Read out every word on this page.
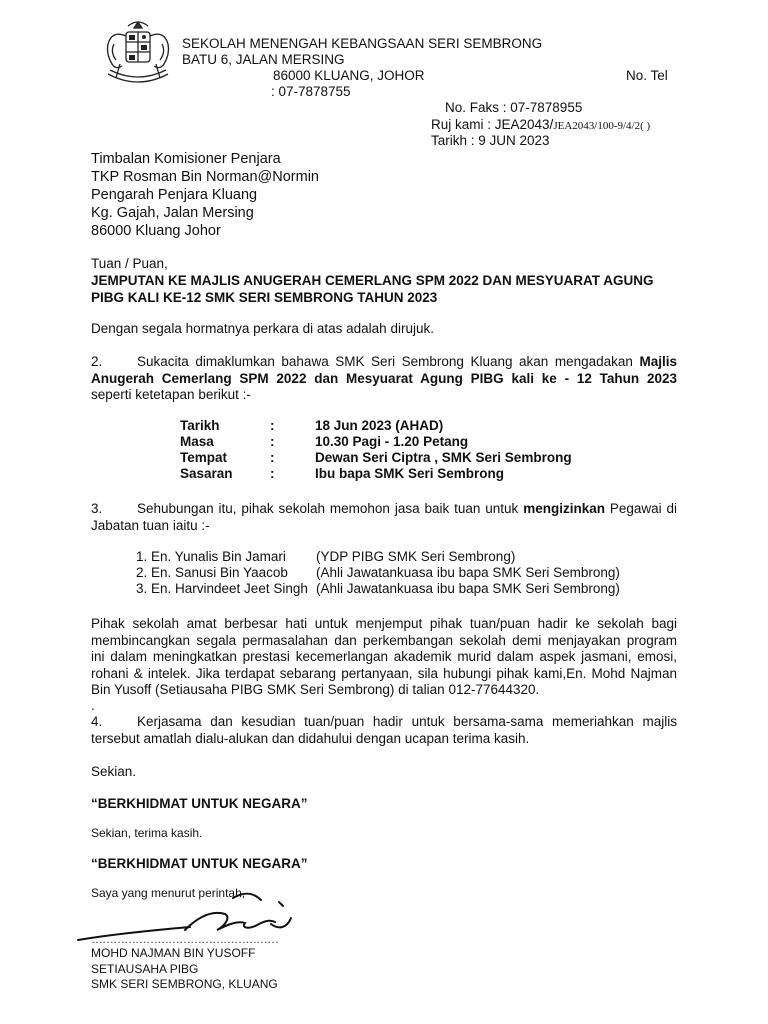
SEKOLAH MENENGAH KEBANGSAAN SERI SEMBRONG
BATU 6, JALAN MERSING
86000 KLUANG, JOHOR	No. Tel
: 07-7878755
No. Faks : 07-7878955
Ruj kami : JEA2043/JEA2043/100-9/4/2( )
Tarikh : 9 JUN 2023
Timbalan Komisioner Penjara
TKP Rosman Bin Norman@Normin
Pengarah Penjara Kluang
Kg. Gajah, Jalan Mersing
86000 Kluang Johor
Tuan / Puan,
JEMPUTAN KE MAJLIS ANUGERAH CEMERLANG SPM 2022 DAN MESYUARAT AGUNG
PIBG KALI KE-12 SMK SERI SEMBRONG TAHUN 2023
Dengan segala hormatnya perkara di atas adalah dirujuk.
2.	Sukacita dimaklumkan bahawa SMK Seri Sembrong Kluang akan mengadakan Majlis
Anugerah Cemerlang SPM 2022 dan Mesyuarat Agung PIBG kali ke - 12 Tahun 2023
seperti ketetapan berikut :-
Tarikh	:	18 Jun 2023 (AHAD)
Masa	:	10.30 Pagi - 1.20 Petang
Tempat	:	Dewan Seri Ciptra , SMK Seri Sembrong
Sasaran	:	Ibu bapa SMK Seri Sembrong
3.	Sehubungan itu, pihak sekolah memohon jasa baik tuan untuk mengizinkan Pegawai di
Jabatan tuan iaitu :-
1. En. Yunalis Bin Jamari (YDP PIBG SMK Seri Sembrong)
2. En. Sanusi Bin Yaacob (Ahli Jawatankuasa ibu bapa SMK Seri Sembrong)
3. En. Harvindeet Jeet Singh (Ahli Jawatankuasa ibu bapa SMK Seri Sembrong)
Pihak sekolah amat berbesar hati untuk menjemput pihak tuan/puan hadir ke sekolah bagi
membincangkan segala permasalahan dan perkembangan sekolah demi menjayakan program
ini dalam meningkatkan prestasi kecemerlangan akademik murid dalam aspek jasmani, emosi,
rohani & intelek. Jika terdapat sebarang pertanyaan, sila hubungi pihak kami,En. Mohd Najman
Bin Yusoff (Setiausaha PIBG SMK Seri Sembrong) di talian 012-77644320.
.
4.	Kerjasama dan kesudian tuan/puan hadir untuk bersama-sama memeriahkan majlis
tersebut amatlah dialu-alukan dan didahului dengan ucapan terima kasih.
Sekian.
“BERKHIDMAT UNTUK NEGARA”
Sekian, terima kasih.
“BERKHIDMAT UNTUK NEGARA”
Saya yang menurut perintah,
……………………………………………
MOHD NAJMAN BIN YUSOFF
SETIAUSAHA PIBG
SMK SERI SEMBRONG, KLUANG
